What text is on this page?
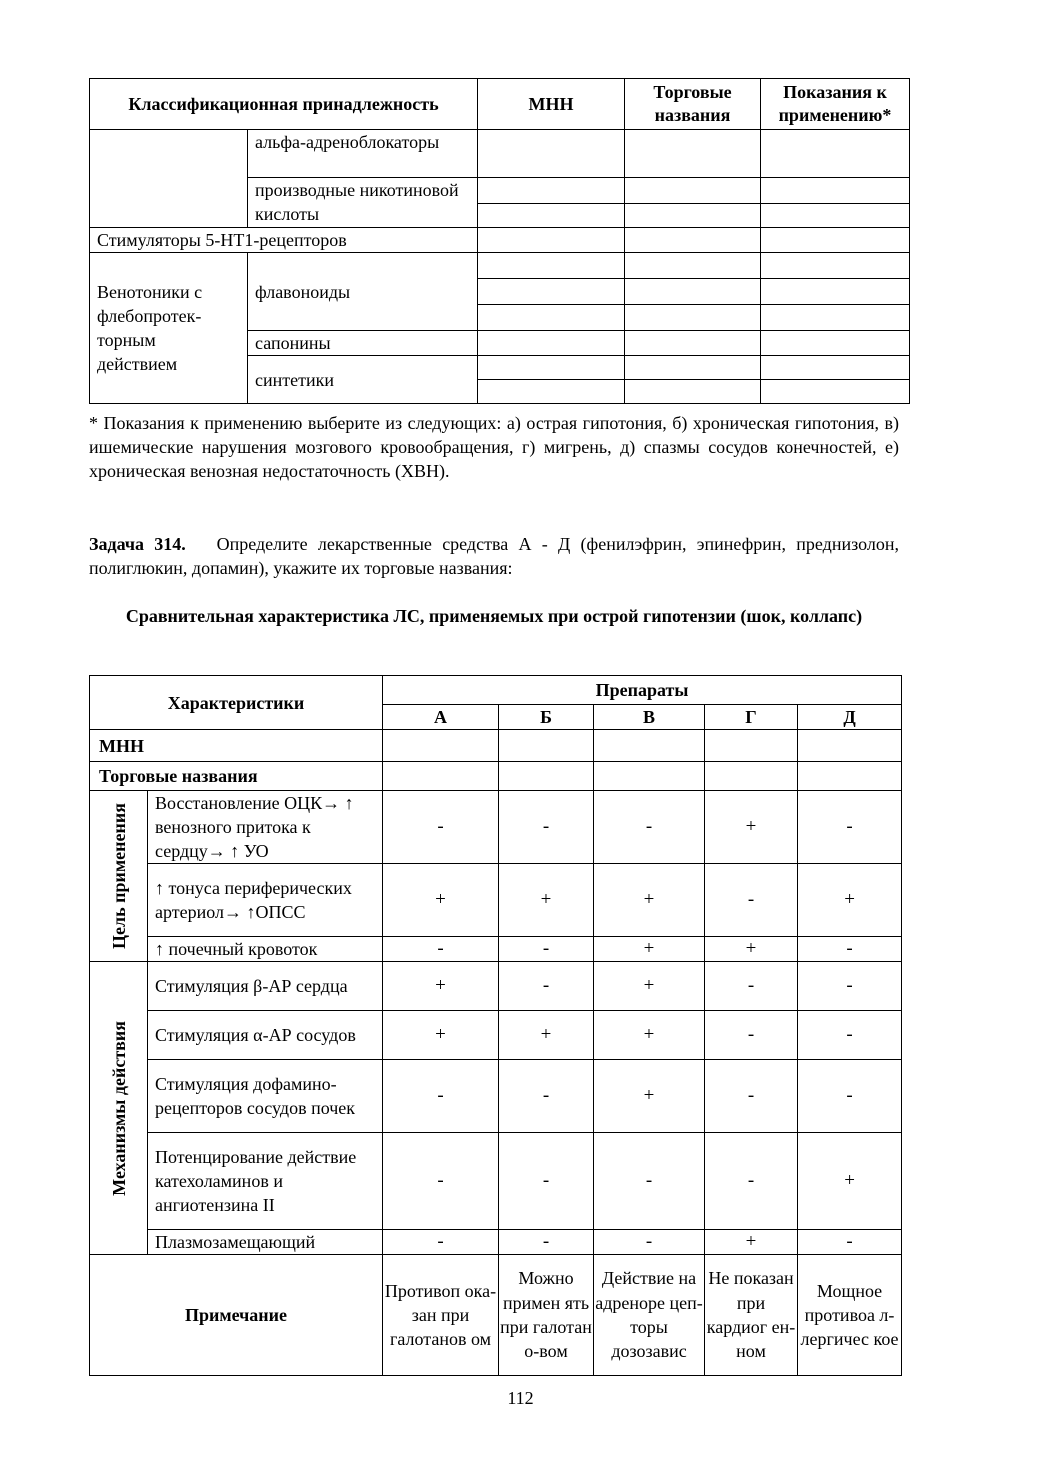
Классификационная принадлежность		МНН	Торговые названия	Показания к применению*
	альфа-адреноблокаторы			
	производные никотиновой кислоты	

Стимуляторы 5-НТ1-рецепторов				
Венотоники с флебопротек-торным действием	флавоноиды	

	сапонины			
	синтетики	

* Показания к применению выберите из следующих: а) острая гипотония, б) хроническая гипотония, в) ишемические нарушения мозгового кровообращения, г) мигрень, д) спазмы сосудов конечностей, е) хроническая венозная недостаточность (ХВН).
Задача 314. Определите лекарственные средства А - Д (фенилэфрин, эпинефрин, преднизолон, полиглюкин, допамин), укажите их торговые названия:
Сравнительная характеристика ЛС, применяемых при острой гипотензии (шок, коллапс)
Характеристики		Препараты				
		А	Б	В	Г	Д
МНН						
Торговые названия						

Цель применения	Восстановление ОЦК→ ↑ венозного притока к сердцу→ ↑ УО	-	-	-	+	-
	↑ тонуса периферических артериол→ ↑ОПСС	+	+	+	-	+
	↑ почечный кровоток	-	-	+	+	-

Механизмы действия	Стимуляция β-АР сердца	+	-	+	-	-
	Стимуляция α-АР сосудов	+	+	+	-	-
	Стимуляция дофамино-рецепторов сосудов почек	-	-	+	-	-
	Потенцирование действие катехоламинов и ангиотензина II	-	-	-	-	+
	Плазмозамещающий	-	-	-	+	-
Примечание		Противоп ока-зан при галотанов ом	Можно примен ять при галотан о-вом	Действие на адреноре цеп-торы дозозавис	Не показан при кардиог ен-ном	Мощное противоа л-лергичес кое
112
